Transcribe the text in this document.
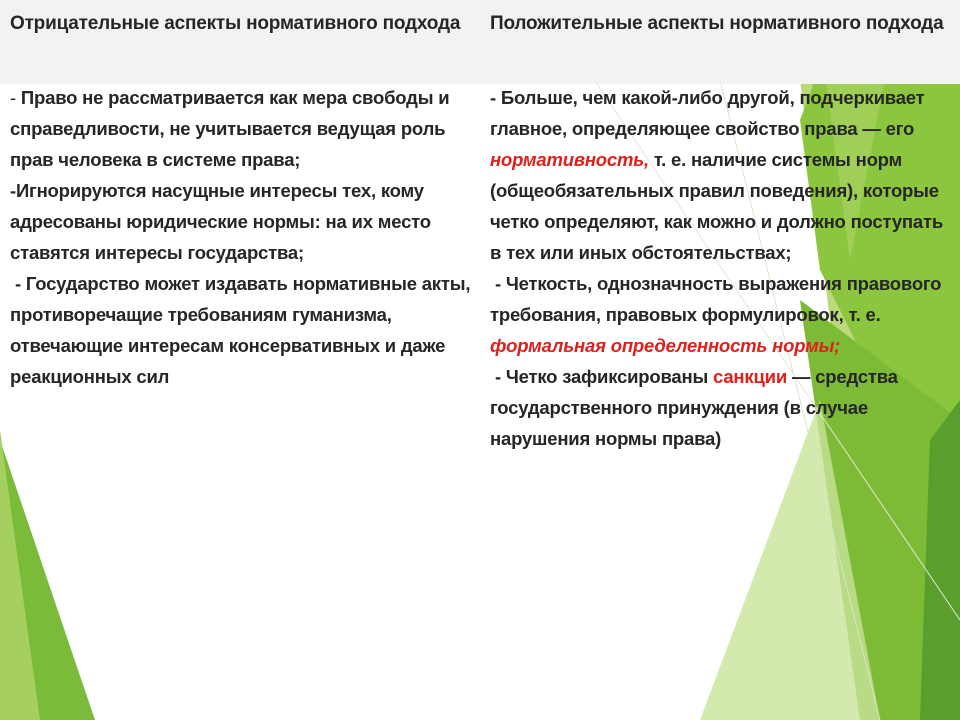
Отрицательные аспекты нормативного подхода

- Право не рассматривается как мера свободы и справедливости, не учитывается ведущая роль прав человека в системе права;

-Игнорируются насущные интересы тех, кому адресованы юридические нормы: на их место ставятся интересы государства;

- Государство может издавать нормативные акты, противоречащие требованиям гуманизма, отвечающие интересам консервативных и даже реакционных сил

Положительные аспекты нормативного подхода

- Больше, чем какой-либо другой, подчеркивает главное, определяющее свойство права — его нормативность, т. е. наличие системы норм (общеобязательных правил поведения), которые четко определяют, как можно и должно поступать в тех или иных обстоятельствах;

- Четкость, однозначность выражения правового требования, правовых формулировок, т. е. формальная определенность нормы;

- Четко зафиксированы санкции — средства государственного принуждения (в случае нарушения нормы права)
